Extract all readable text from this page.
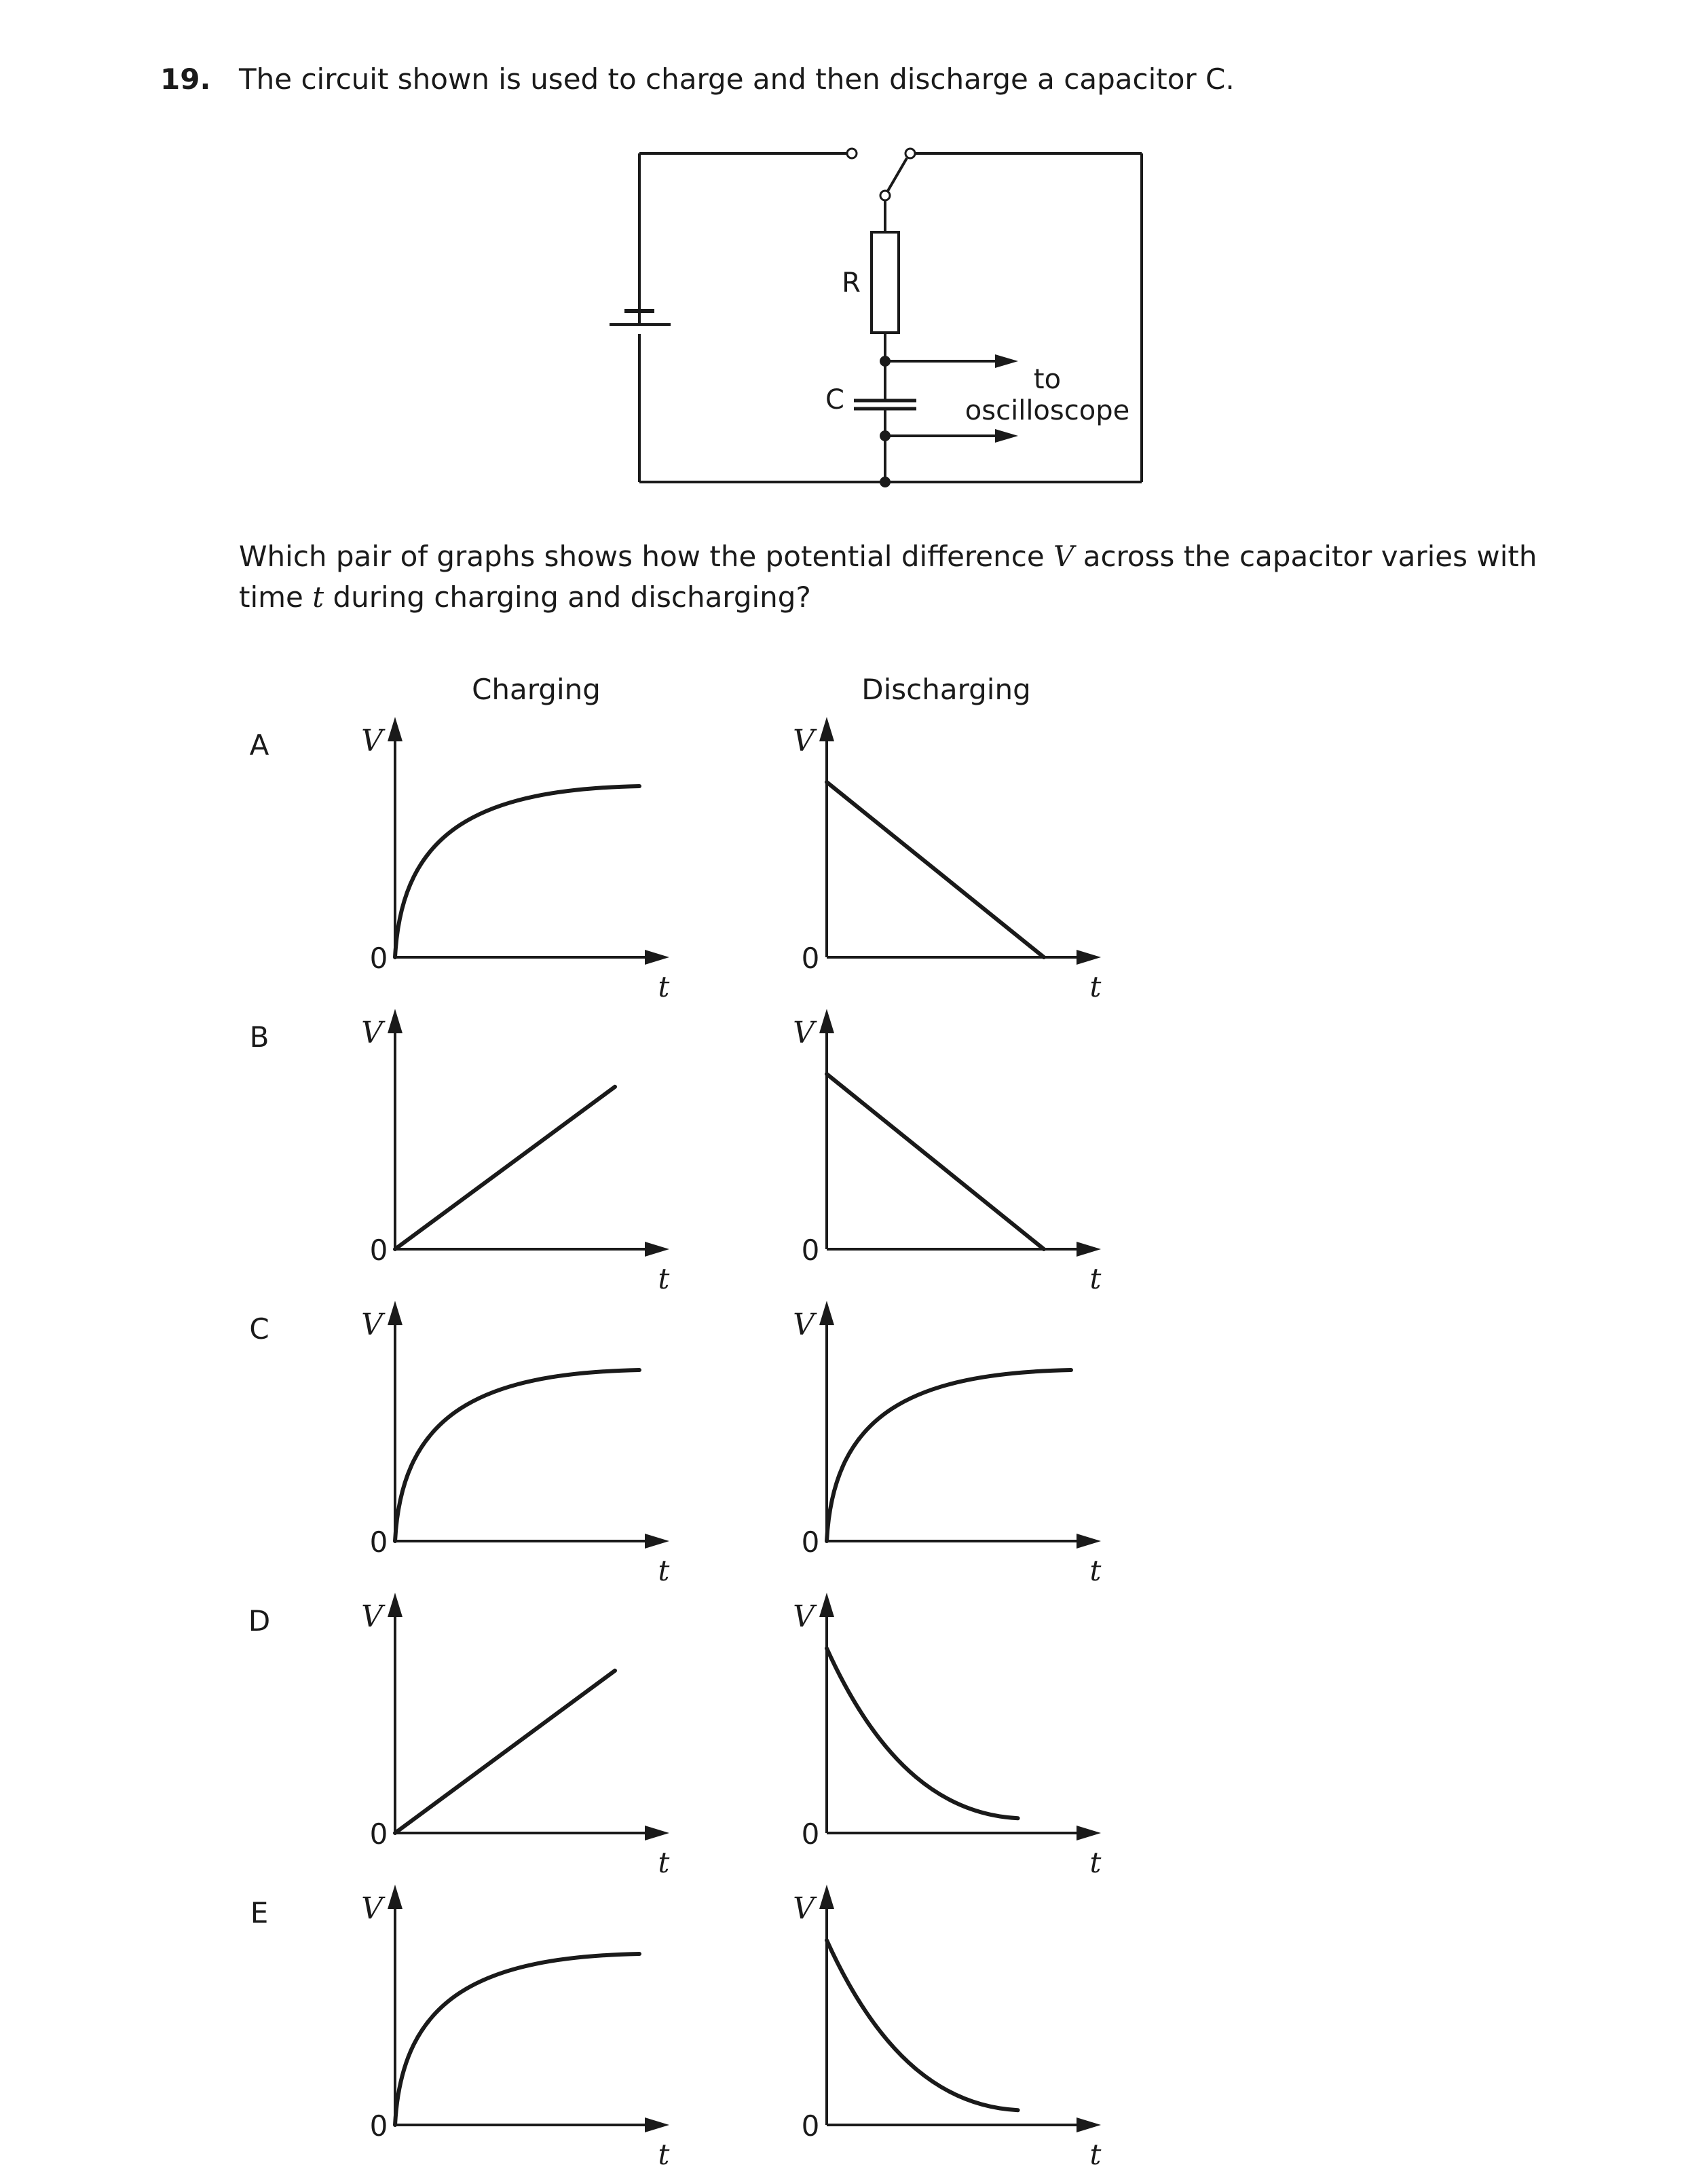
19. The circuit shown is used to charge and then discharge a capacitor C.
R
C
to
oscilloscope
Which pair of graphs shows how the potential difference V across the capacitor varies with time t during charging and discharging?
Charging	Discharging
A	V
t
0
V
t
0
B	V
t
0
V
t
0
C	V
t
0
V
t
0
D	V
t
0
V
t
0
E	V
t
0
V
t
0
